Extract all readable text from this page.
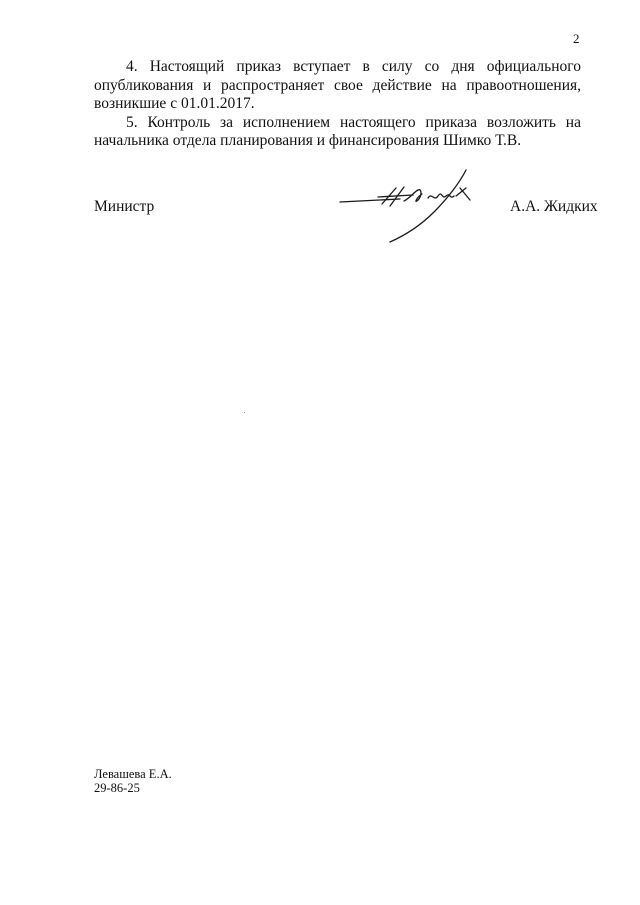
2

4. Настоящий приказ вступает в силу со дня официального опубликования и распространяет свое действие на правоотношения, возникшие с 01.01.2017.

5. Контроль за исполнением настоящего приказа возложить на начальника отдела планирования и финансирования Шимко Т.В.

Министр	А.А. Жидких
Левашева Е.А.
29-86-25
